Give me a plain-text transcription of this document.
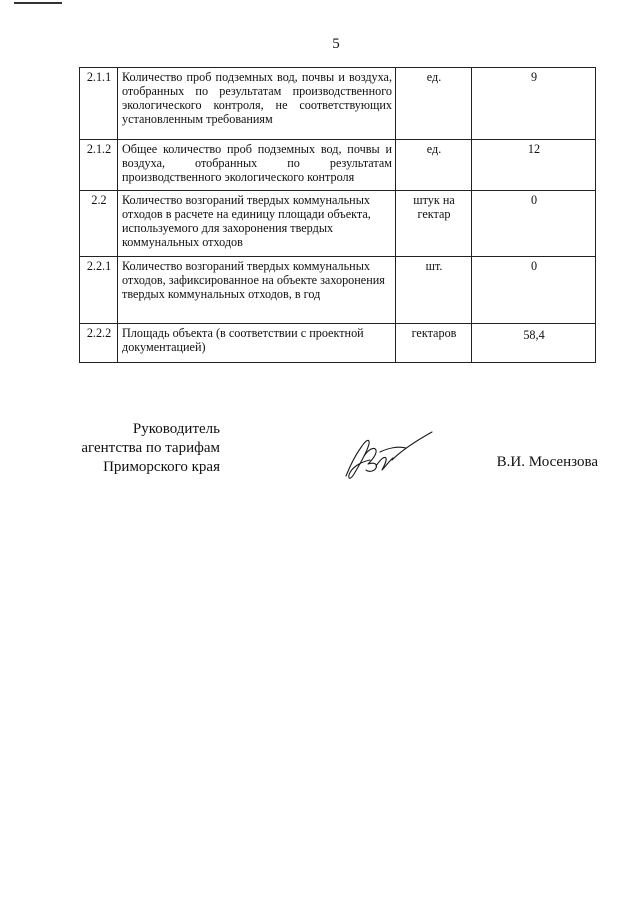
5
2.1.1	Количество проб подземных вод, почвы и воздуха, отобранных по результатам производственного экологического контроля, не соответствующих установленным требованиям	ед.	9
2.1.2	Общее количество проб подземных вод, почвы и воздуха, отобранных по результатам производственного экологического контроля	ед.	12
2.2	Количество возгораний твердых коммунальных отходов в расчете на единицу площади объекта, используемого для захоронения твердых коммунальных отходов	штук на гектар	0
2.2.1	Количество возгораний твердых коммунальных отходов, зафиксированное на объекте захоронения твердых коммунальных отходов, в год	шт.	0
2.2.2	Площадь объекта (в соответствии с проектной документацией)	гектаров	58,4
Руководитель
агентства по тарифам
Приморского края	В.И. Мосензова
